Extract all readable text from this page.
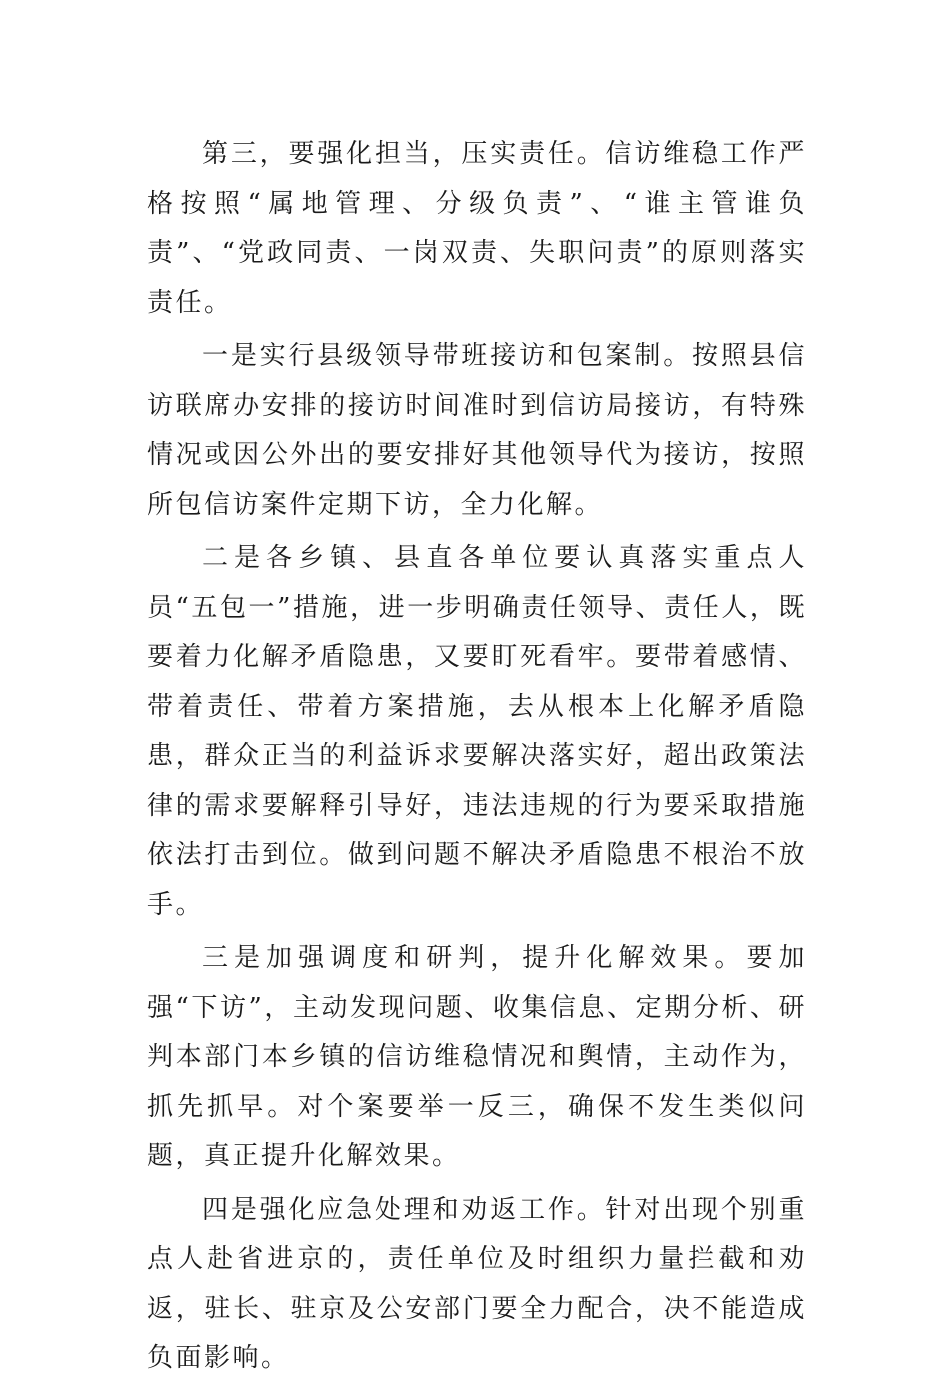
第三，要强化担当，压实责任。信访维稳工作严格按照“属地管理、分级负责”、“谁主管谁负责”、“党政同责、一岗双责、失职问责”的原则落实责任。

一是实行县级领导带班接访和包案制。按照县信访联席办安排的接访时间准时到信访局接访，有特殊情况或因公外出的要安排好其他领导代为接访，按照所包信访案件定期下访，全力化解。

二是各乡镇、县直各单位要认真落实重点人员“五包一”措施，进一步明确责任领导、责任人，既要着力化解矛盾隐患，又要盯死看牢。要带着感情、带着责任、带着方案措施，去从根本上化解矛盾隐患，群众正当的利益诉求要解决落实好，超出政策法律的需求要解释引导好，违法违规的行为要采取措施依法打击到位。做到问题不解决矛盾隐患不根治不放手。

三是加强调度和研判，提升化解效果。要加强“下访”，主动发现问题、收集信息、定期分析、研判本部门本乡镇的信访维稳情况和舆情，主动作为，抓先抓早。对个案要举一反三，确保不发生类似问题，真正提升化解效果。

四是强化应急处理和劝返工作。针对出现个别重点人赴省进京的，责任单位及时组织力量拦截和劝返，驻长、驻京及公安部门要全力配合，决不能造成负面影响。
